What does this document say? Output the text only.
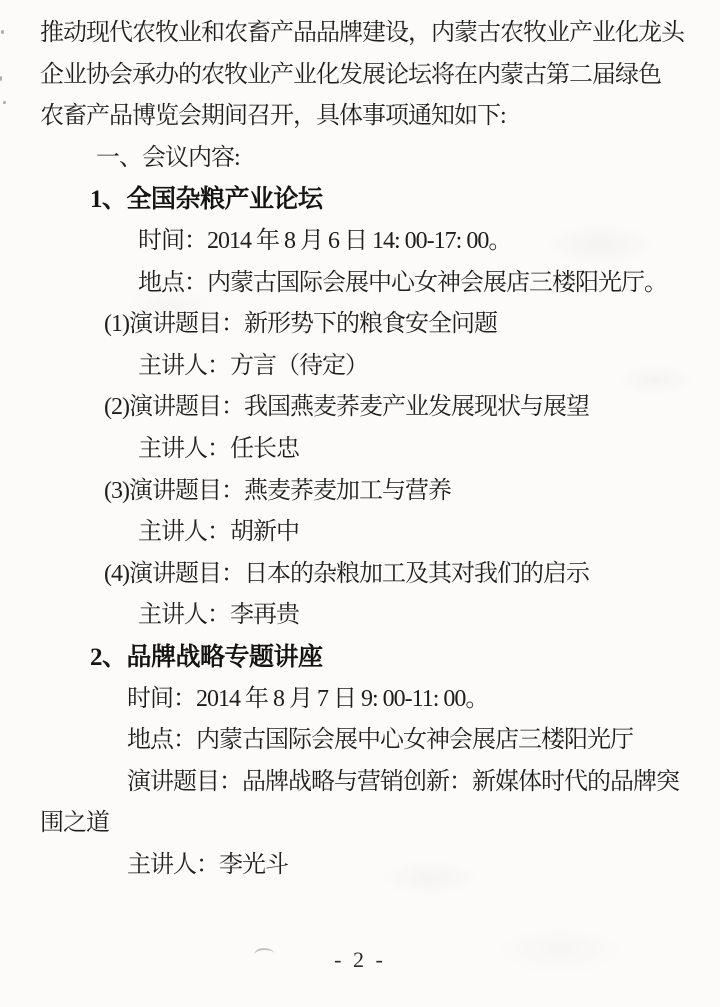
推动现代农牧业和农畜产品品牌建设，内蒙古农牧业产业化龙头
企业协会承办的农牧业产业化发展论坛将在内蒙古第二届绿色
农畜产品博览会期间召开，具体事项通知如下:
一、会议内容:
1、全国杂粮产业论坛
时间：2014 年 8 月 6 日 14: 00-17: 00。
地点：内蒙古国际会展中心女神会展店三楼阳光厅。
(1)演讲题目：新形势下的粮食安全问题
主讲人：方言（待定）
(2)演讲题目：我国燕麦荞麦产业发展现状与展望
主讲人：任长忠
(3)演讲题目：燕麦荞麦加工与营养
主讲人：胡新中
(4)演讲题目：日本的杂粮加工及其对我们的启示
主讲人：李再贵
2、品牌战略专题讲座
时间：2014 年 8 月 7 日 9: 00-11: 00。
地点：内蒙古国际会展中心女神会展店三楼阳光厅
演讲题目：品牌战略与营销创新：新媒体时代的品牌突
围之道
主讲人：李光斗
- 2 -
